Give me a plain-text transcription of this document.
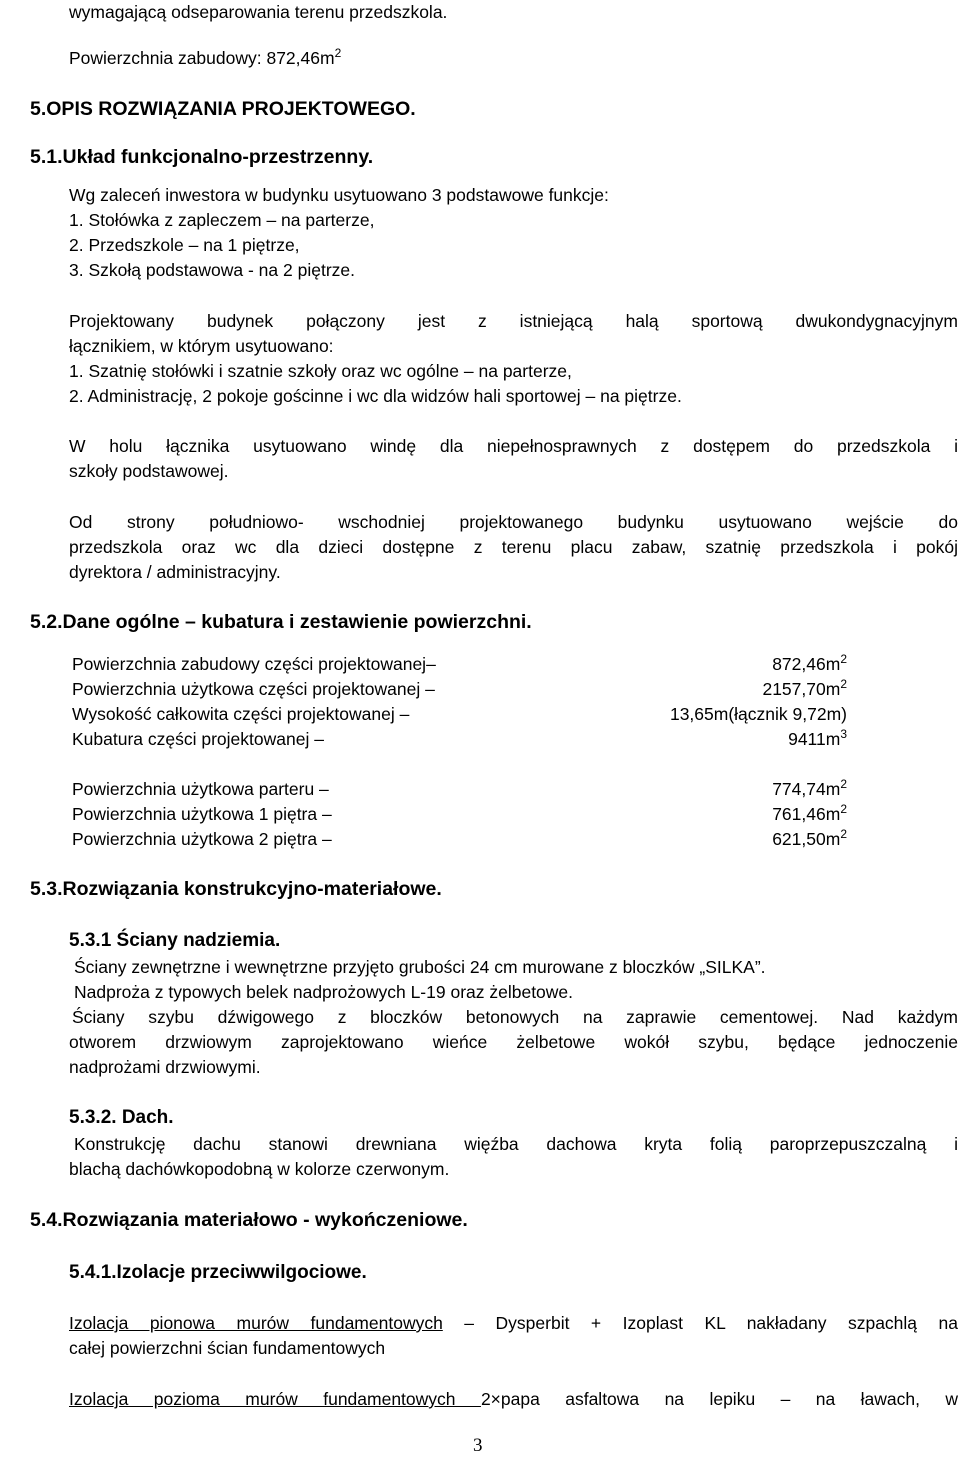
wymagającą odseparowania terenu przedszkola.
Powierzchnia zabudowy: $872,46m^2$
5.OPIS ROZWIĄZANIA PROJEKTOWEGO.
5.1.Układ funkcjonalno-przestrzenny.
Wg zaleceń inwestora w budynku usytuowano 3 podstawowe funkcje:
1. Stołówka z zapleczem – na parterze,
2. Przedszkole – na 1 piętrze,
3. Szkołą podstawowa - na 2 piętrze.
Projektowany budynek połączony jest z istniejącą halą sportową dwukondygnacyjnym
łącznikiem, w którym usytuowano:
1. Szatnię stołówki i szatnie szkoły oraz wc ogólne – na parterze,
2. Administrację, 2 pokoje gościnne i wc dla widzów hali sportowej – na piętrze.
W holu łącznika usytuowano windę dla niepełnosprawnych z dostępem do przedszkola i
szkoły podstawowej.
Od strony południowo- wschodniej projektowanego budynku usytuowano wejście do
przedszkola oraz wc dla dzieci dostępne z terenu placu zabaw, szatnię przedszkola i pokój
dyrektora / administracyjny.
5.2.Dane ogólne – kubatura i zestawienie powierzchni.
Powierzchnia zabudowy części projektowanej–	$872,46m^2$
Powierzchnia użytkowa części projektowanej –	$2157,70m^2$
Wysokość całkowita części projektowanej –	13,65m(łącznik 9,72m)
Kubatura części projektowanej –	$9411m^3$
Powierzchnia użytkowa parteru –	$774,74m^2$
Powierzchnia użytkowa 1 piętra –	$761,46m^2$
Powierzchnia użytkowa 2 piętra –	$621,50m^2$
5.3.Rozwiązania konstrukcyjno-materiałowe.
5.3.1 Ściany nadziemia.
Ściany zewnętrzne i wewnętrzne przyjęto grubości 24 cm murowane z bloczków „SILKA”.
Nadproża z typowych belek nadprożowych L-19 oraz żelbetowe.
Ściany szybu dźwigowego z bloczków betonowych na zaprawie cementowej. Nad każdym
otworem drzwiowym zaprojektowano wieńce żelbetowe wokół szybu, będące jednoczenie
nadprożami drzwiowymi.
5.3.2. Dach.
Konstrukcję dachu stanowi drewniana więźba dachowa kryta folią paroprzepuszczalną i
blachą dachówkopodobną w kolorze czerwonym.
5.4.Rozwiązania materiałowo - wykończeniowe.
5.4.1.Izolacje przeciwwilgociowe.
Izolacja pionowa murów fundamentowych – Dysperbit + Izoplast KL nakładany szpachlą na
całej powierzchni ścian fundamentowych
Izolacja pozioma murów fundamentowych 2×papa asfaltowa na lepiku – na ławach, w
3
